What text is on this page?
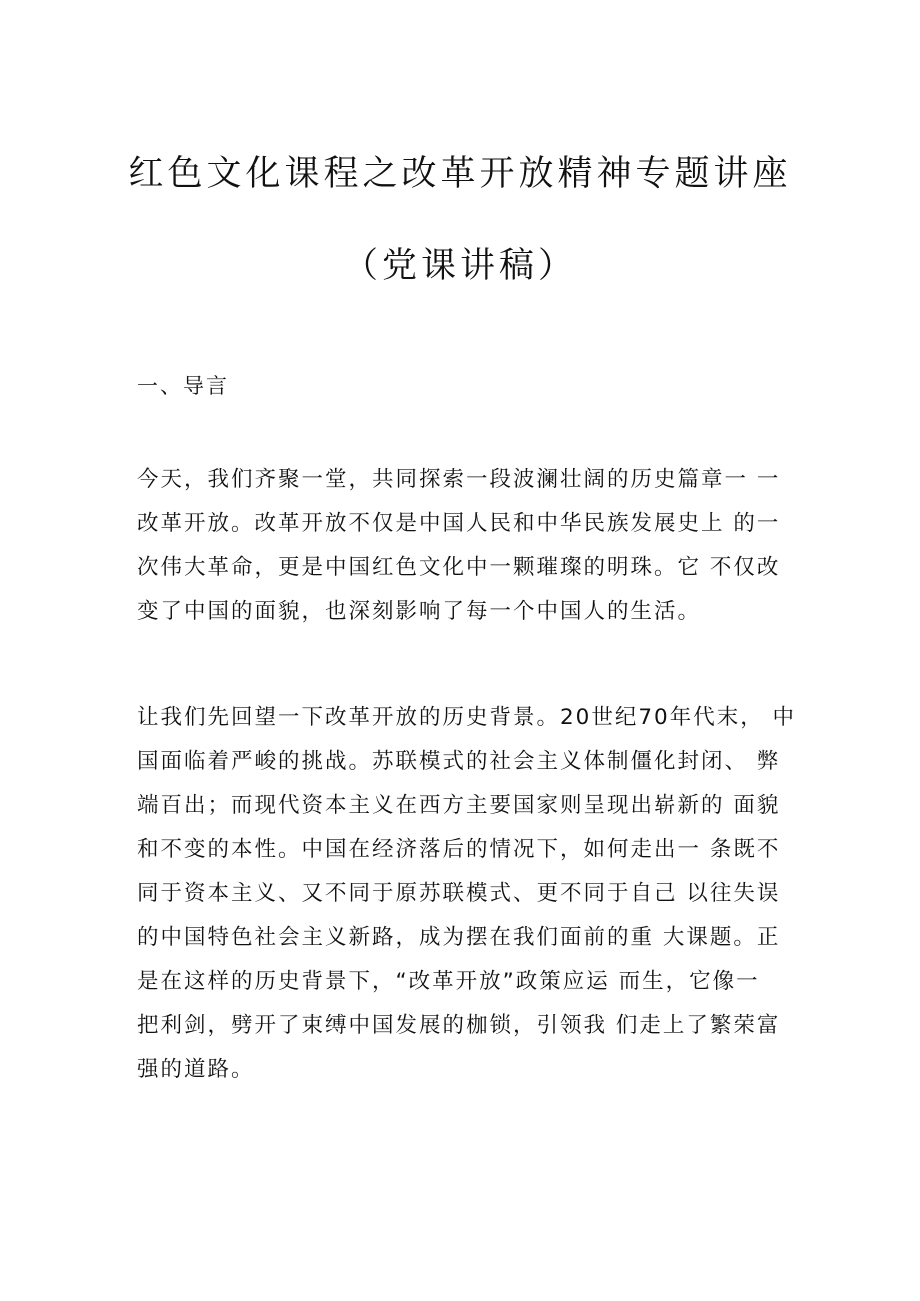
红色文化课程之改革开放精神专题讲座
（党课讲稿）
一、导言
今天，我们齐聚一堂，共同探索一段波澜壮阔的历史篇章一 一
改革开放。改革开放不仅是中国人民和中华民族发展史上 的一
次伟大革命，更是中国红色文化中一颗璀璨的明珠。它 不仅改
变了中国的面貌，也深刻影响了每一个中国人的生活。
让我们先回望一下改革开放的历史背景。20世纪70年代末， 中
国面临着严峻的挑战。苏联模式的社会主义体制僵化封闭、 弊
端百出；而现代资本主义在西方主要国家则呈现出崭新的 面貌
和不变的本性。中国在经济落后的情况下，如何走出一 条既不
同于资本主义、又不同于原苏联模式、更不同于自己 以往失误
的中国特色社会主义新路，成为摆在我们面前的重 大课题。正
是在这样的历史背景下，“改革开放”政策应运 而生，它像一
把利剑，劈开了束缚中国发展的枷锁，引领我 们走上了繁荣富
强的道路。
